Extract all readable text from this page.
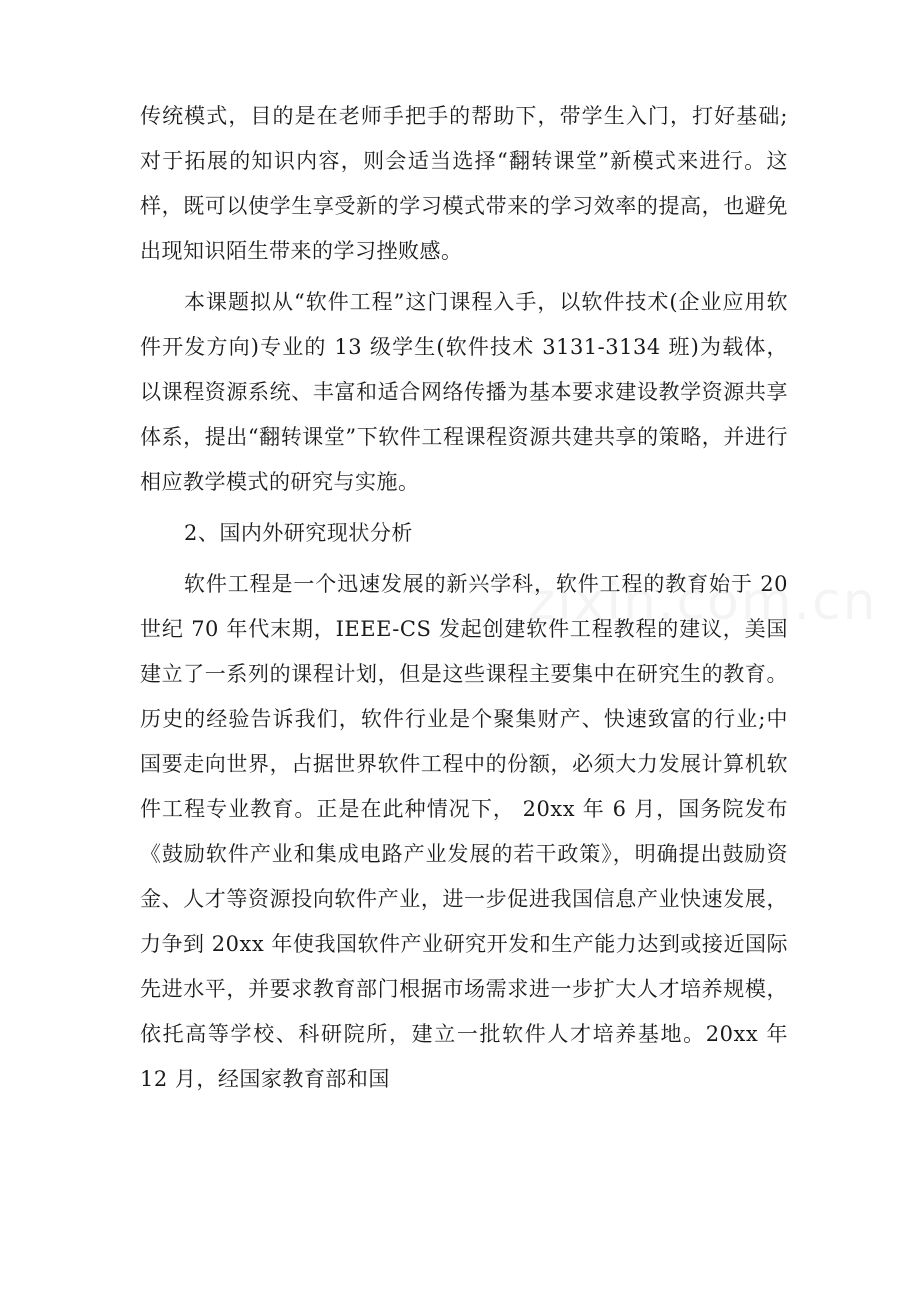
传统模式，目的是在老师手把手的帮助下，带学生入门，打好基础;对于拓展的知识内容，则会适当选择“翻转课堂”新模式来进行。这样，既可以使学生享受新的学习模式带来的学习效率的提高，也避免出现知识陌生带来的学习挫败感。

本课题拟从“软件工程”这门课程入手，以软件技术(企业应用软件开发方向)专业的 13 级学生(软件技术 3131-3134 班)为载体，以课程资源系统、丰富和适合网络传播为基本要求建设教学资源共享体系，提出“翻转课堂”下软件工程课程资源共建共享的策略，并进行相应教学模式的研究与实施。

2、国内外研究现状分析

软件工程是一个迅速发展的新兴学科，软件工程的教育始于 20 世纪 70 年代末期，IEEE-CS 发起创建软件工程教程的建议，美国建立了一系列的课程计划，但是这些课程主要集中在研究生的教育。历史的经验告诉我们，软件行业是个聚集财产、快速致富的行业;中国要走向世界，占据世界软件工程中的份额，必须大力发展计算机软件工程专业教育。正是在此种情况下， 20xx 年 6 月，国务院发布《鼓励软件产业和集成电路产业发展的若干政策》，明确提出鼓励资金、人才等资源投向软件产业，进一步促进我国信息产业快速发展，力争到 20xx 年使我国软件产业研究开发和生产能力达到或接近国际先进水平，并要求教育部门根据市场需求进一步扩大人才培养规模，依托高等学校、科研院所，建立一批软件人才培养基地。20xx 年 12 月，经国家教育部和国
